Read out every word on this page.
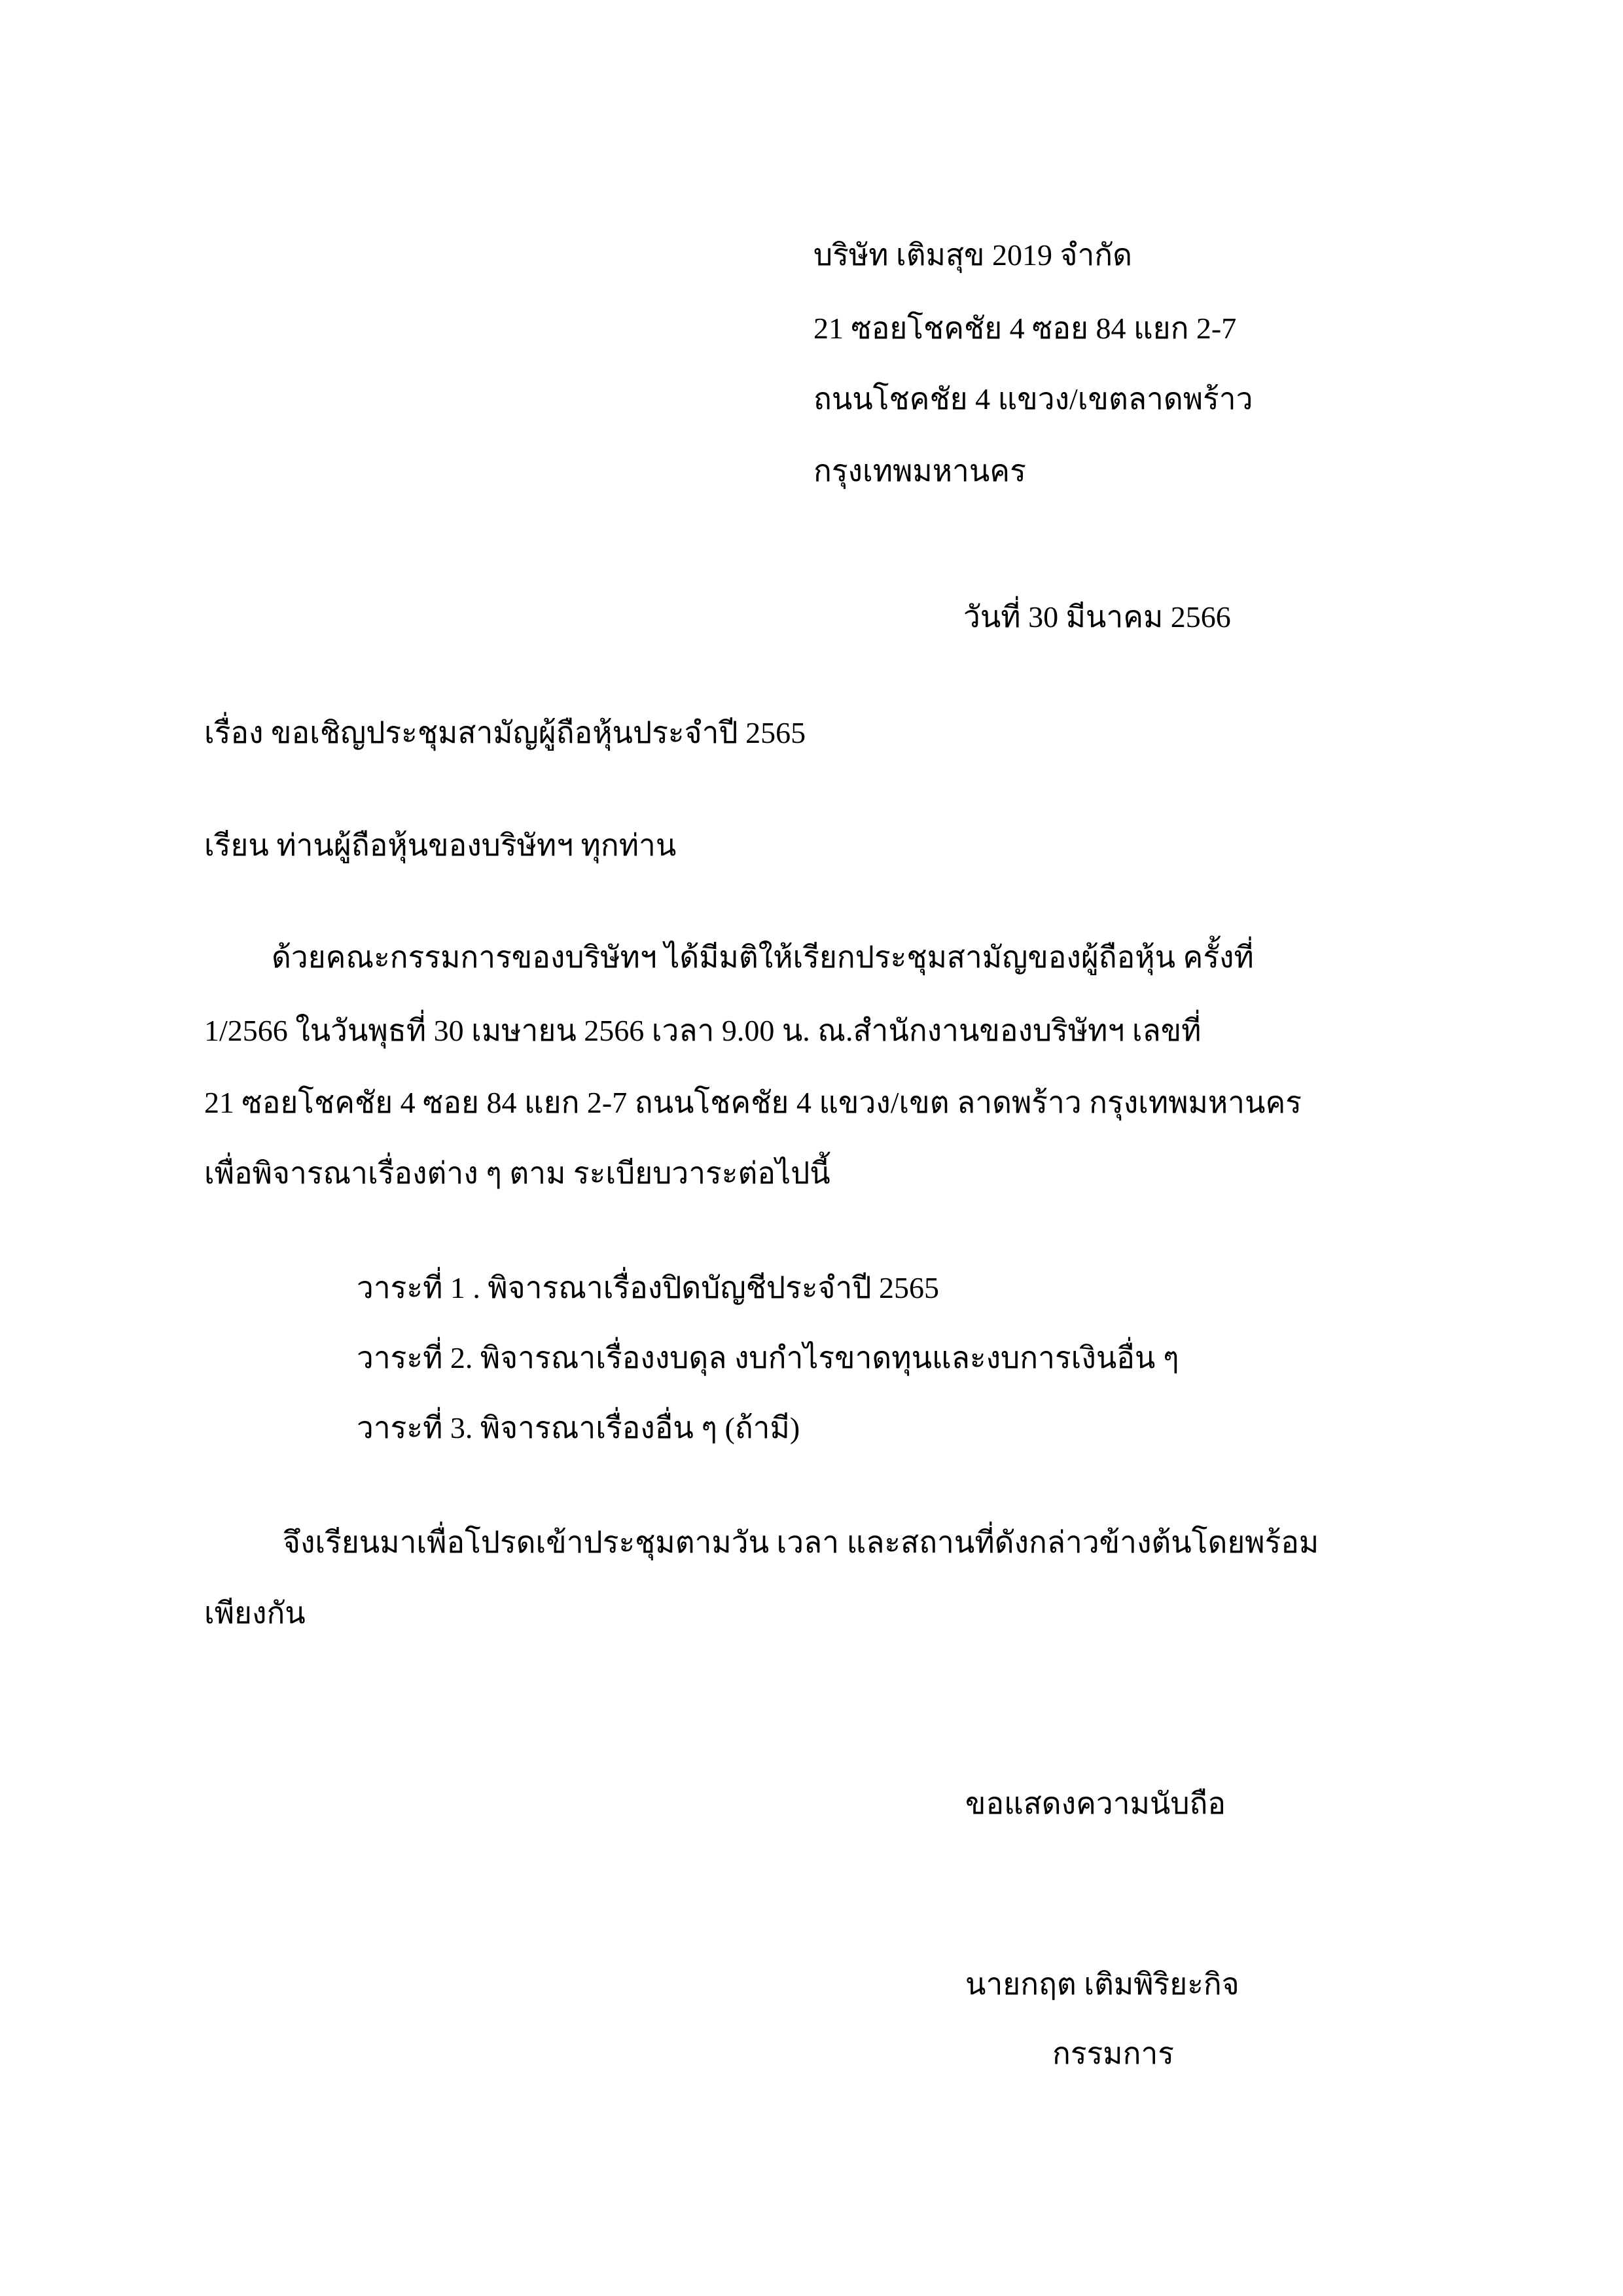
บริษัท เติมสุข 2019 จำกัด

21 ซอยโชคชัย 4 ซอย 84 แยก 2-7

ถนนโชคชัย 4 แขวง/เขตลาดพร้าว

กรุงเทพมหานคร

วันที่ 30 มีนาคม 2566

เรื่อง ขอเชิญประชุมสามัญผู้ถือหุ้นประจำปี 2565

เรียน ท่านผู้ถือหุ้นของบริษัทฯ ทุกท่าน

ด้วยคณะกรรมการของบริษัทฯ ได้มีมติให้เรียกประชุมสามัญของผู้ถือหุ้น ครั้งที่

1/2566 ในวันพุธที่ 30 เมษายน 2566 เวลา 9.00 น. ณ.สำนักงานของบริษัทฯ เลขที่

21 ซอยโชคชัย 4 ซอย 84 แยก 2-7 ถนนโชคชัย 4 แขวง/เขต ลาดพร้าว กรุงเทพมหานคร

เพื่อพิจารณาเรื่องต่าง ๆ ตาม ระเบียบวาระต่อไปนี้

วาระที่ 1 . พิจารณาเรื่องปิดบัญชีประจำปี 2565

วาระที่ 2. พิจารณาเรื่องงบดุล งบกำไรขาดทุนและงบการเงินอื่น ๆ

วาระที่ 3. พิจารณาเรื่องอื่น ๆ (ถ้ามี)

จึงเรียนมาเพื่อโปรดเข้าประชุมตามวัน เวลา และสถานที่ดังกล่าวข้างต้นโดยพร้อม

เพียงกัน

ขอแสดงความนับถือ

นายกฤต เติมพิริยะกิจ

กรรมการ
